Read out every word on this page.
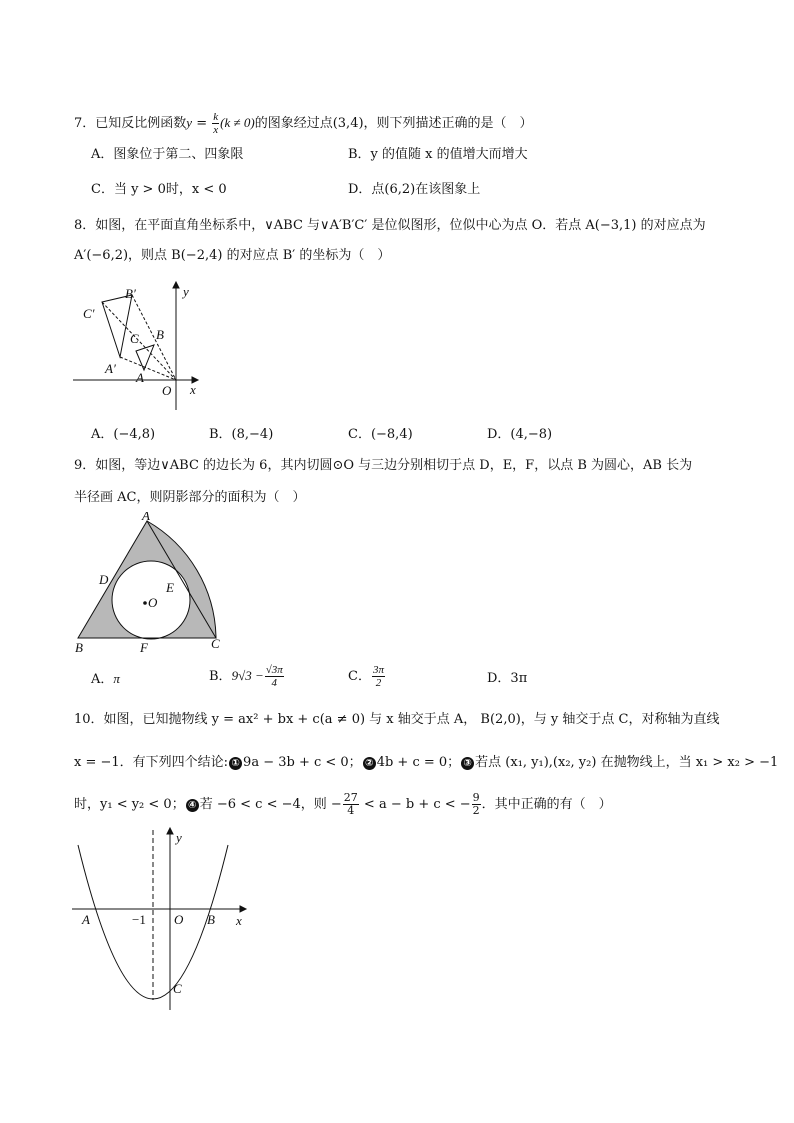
7．已知反比例函数$y = \frac{k}{x} (k \ne 0)$的图象经过点(3,4)，则下列描述正确的是（　）
A．图象位于第二、四象限	B．y 的值随 x 的值增大而增大
C．当 y > 0时，x < 0	D．点(6,2)在该图象上
8．如图，在平面直角坐标系中，∨ABC 与∨A′B′C′ 是位似图形，位似中心为点 O．若点 A(−3,1) 的对应点为
A′(−6,2)，则点 B(−2,4) 的对应点 B′ 的坐标为（　）
C′
B′
A′
C B
A
O x
y
A．(−4,8)	B．(8,−4)	C．(−8,4)	D．(4,−8)
9．如图，等边∨ABC 的边长为 6，其内切圆⊙O 与三边分别相切于点 D，E，F，以点 B 为圆心，AB 长为
半径画 AC，则阴影部分的面积为（　）
A
B	C
D
E
F
O
A．π	B．$9√3 - \frac{√3\pi}{4}$	C． $\frac{3\pi}{2}$	D．3π
10．如图，已知抛物线 y = ax² + bx + c(a ≠ 0) 与 x 轴交于点 A， B(2,0)，与 y 轴交于点 C，对称轴为直线
x = −1．有下列四个结论: ① 9a − 3b + c < 0； ② 4b + c = 0； ③ 若点 (x₁, y₁),(x₂, y₂) 在抛物线上，当 x₁ > x₂ > −1
时，y₁ < y₂ < 0； ④ 若 −6 < c < −4，则 − $\frac{27}{4} < a - b + c$ < − $\frac{9}{2}$ ．其中正确的有（　）
A	B
C
O
−1	x
y
